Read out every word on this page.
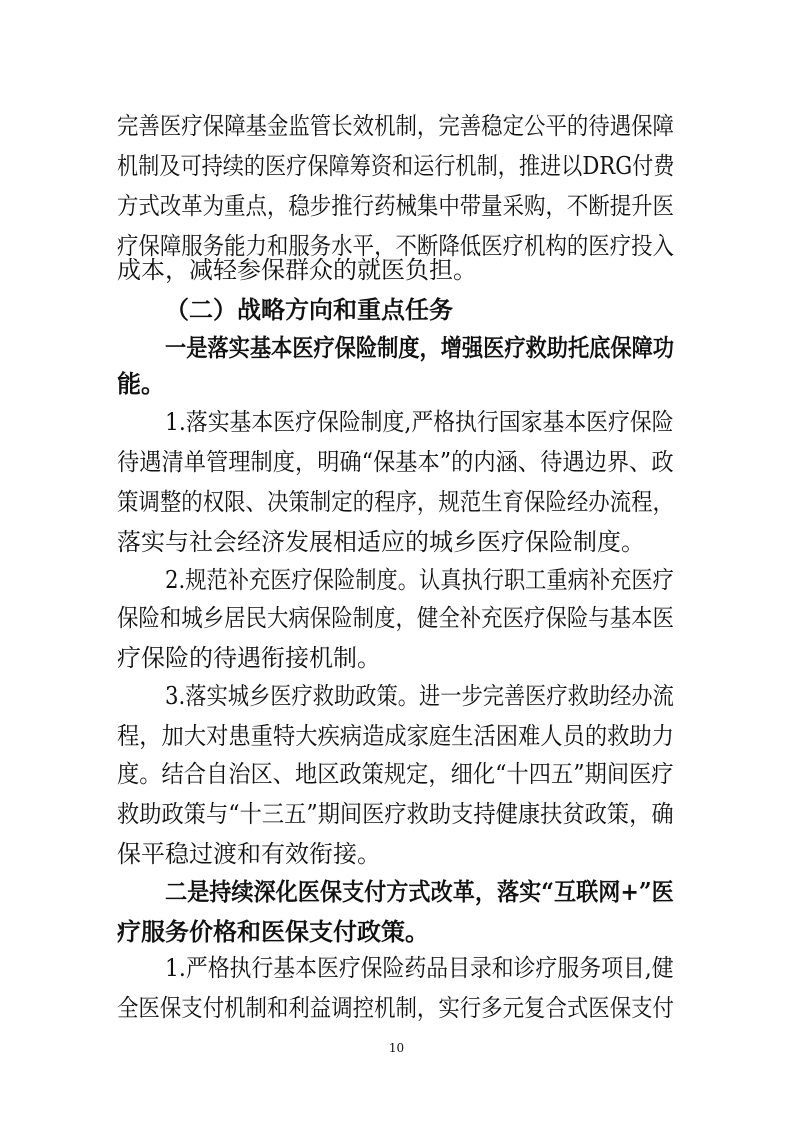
完善医疗保障基金监管长效机制，完善稳定公平的待遇保障
机制及可持续的医疗保障筹资和运行机制，推进以DRG付费
方式改革为重点，稳步推行药械集中带量采购，不断提升医
疗保障服务能力和服务水平，不断降低医疗机构的医疗投入
成本，减轻参保群众的就医负担。
（二）战略方向和重点任务
一是落实基本医疗保险制度，增强医疗救助托底保障功
能。
1.落实基本医疗保险制度,严格执行国家基本医疗保险
待遇清单管理制度，明确“保基本”的内涵、待遇边界、政
策调整的权限、决策制定的程序，规范生育保险经办流程，
落实与社会经济发展相适应的城乡医疗保险制度。
2.规范补充医疗保险制度。认真执行职工重病补充医疗
保险和城乡居民大病保险制度，健全补充医疗保险与基本医
疗保险的待遇衔接机制。
3.落实城乡医疗救助政策。进一步完善医疗救助经办流
程，加大对患重特大疾病造成家庭生活困难人员的救助力
度。结合自治区、地区政策规定，细化“十四五”期间医疗
救助政策与“十三五”期间医疗救助支持健康扶贫政策，确
保平稳过渡和有效衔接。
二是持续深化医保支付方式改革，落实“互联网+”医
疗服务价格和医保支付政策。
1.严格执行基本医疗保险药品目录和诊疗服务项目,健
全医保支付机制和利益调控机制，实行多元复合式医保支付
10
